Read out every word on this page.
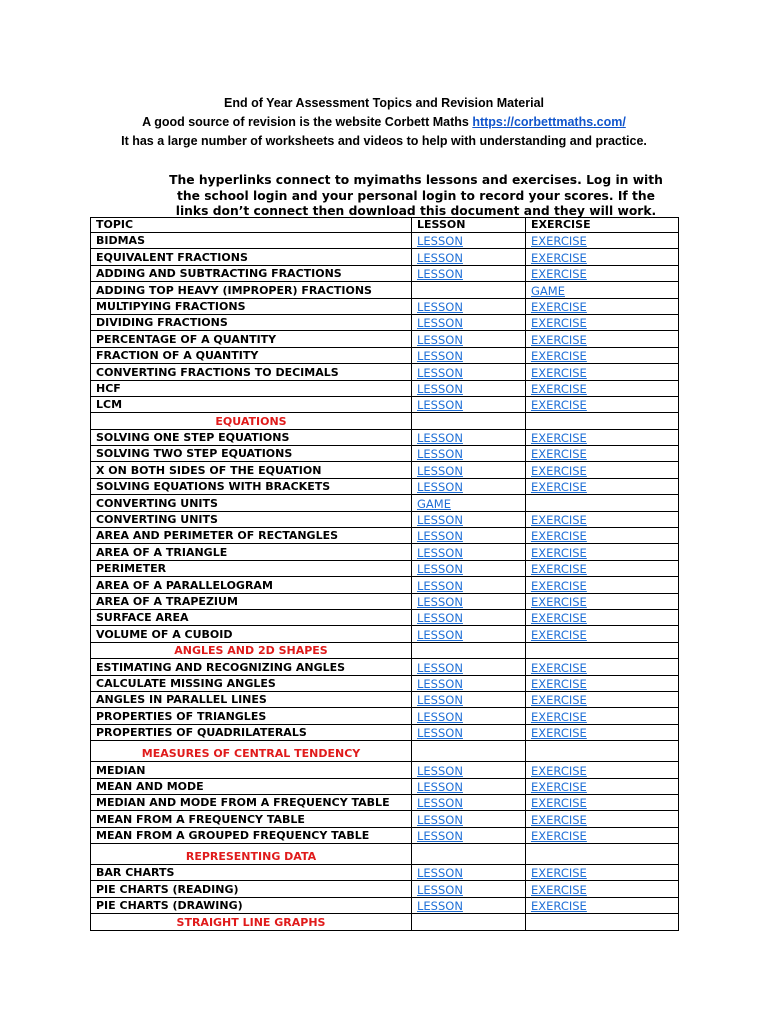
End of Year Assessment Topics and Revision Material
A good source of revision is the website Corbett Maths https://corbettmaths.com/
It has a large number of worksheets and videos to help with understanding and practice.
The hyperlinks connect to myimaths lessons and exercises. Log in with the school login and your personal login to record your scores. If the links don’t connect then download this document and they will work.
TOPIC	LESSON	EXERCISE
BIDMAS	LESSON	EXERCISE
EQUIVALENT FRACTIONS	LESSON	EXERCISE
ADDING AND SUBTRACTING FRACTIONS	LESSON	EXERCISE
ADDING TOP HEAVY (IMPROPER) FRACTIONS		GAME
MULTIPYING FRACTIONS	LESSON	EXERCISE
DIVIDING FRACTIONS	LESSON	EXERCISE
PERCENTAGE OF A QUANTITY	LESSON	EXERCISE
FRACTION OF A QUANTITY	LESSON	EXERCISE
CONVERTING FRACTIONS TO DECIMALS	LESSON	EXERCISE
HCF	LESSON	EXERCISE
LCM	LESSON	EXERCISE
EQUATIONS		
SOLVING ONE STEP EQUATIONS	LESSON	EXERCISE
SOLVING TWO STEP EQUATIONS	LESSON	EXERCISE
X ON BOTH SIDES OF THE EQUATION	LESSON	EXERCISE
SOLVING EQUATIONS WITH BRACKETS	LESSON	EXERCISE
CONVERTING UNITS	GAME	
CONVERTING UNITS	LESSON	EXERCISE
AREA AND PERIMETER OF RECTANGLES	LESSON	EXERCISE
AREA OF A TRIANGLE	LESSON	EXERCISE
PERIMETER	LESSON	EXERCISE
AREA OF A PARALLELOGRAM	LESSON	EXERCISE
AREA OF A TRAPEZIUM	LESSON	EXERCISE
SURFACE AREA	LESSON	EXERCISE
VOLUME OF A CUBOID	LESSON	EXERCISE
ANGLES AND 2D SHAPES		
ESTIMATING AND RECOGNIZING ANGLES	LESSON	EXERCISE
CALCULATE MISSING ANGLES	LESSON	EXERCISE
ANGLES IN PARALLEL LINES	LESSON	EXERCISE
PROPERTIES OF TRIANGLES	LESSON	EXERCISE
PROPERTIES OF QUADRILATERALS	LESSON	EXERCISE
MEASURES OF CENTRAL TENDENCY		
MEDIAN	LESSON	EXERCISE
MEAN AND MODE	LESSON	EXERCISE
MEDIAN AND MODE FROM A FREQUENCY TABLE	LESSON	EXERCISE
MEAN FROM A FREQUENCY TABLE	LESSON	EXERCISE
MEAN FROM A GROUPED FREQUENCY TABLE	LESSON	EXERCISE
REPRESENTING DATA		
BAR CHARTS	LESSON	EXERCISE
PIE CHARTS (READING)	LESSON	EXERCISE
PIE CHARTS (DRAWING)	LESSON	EXERCISE
STRAIGHT LINE GRAPHS		
